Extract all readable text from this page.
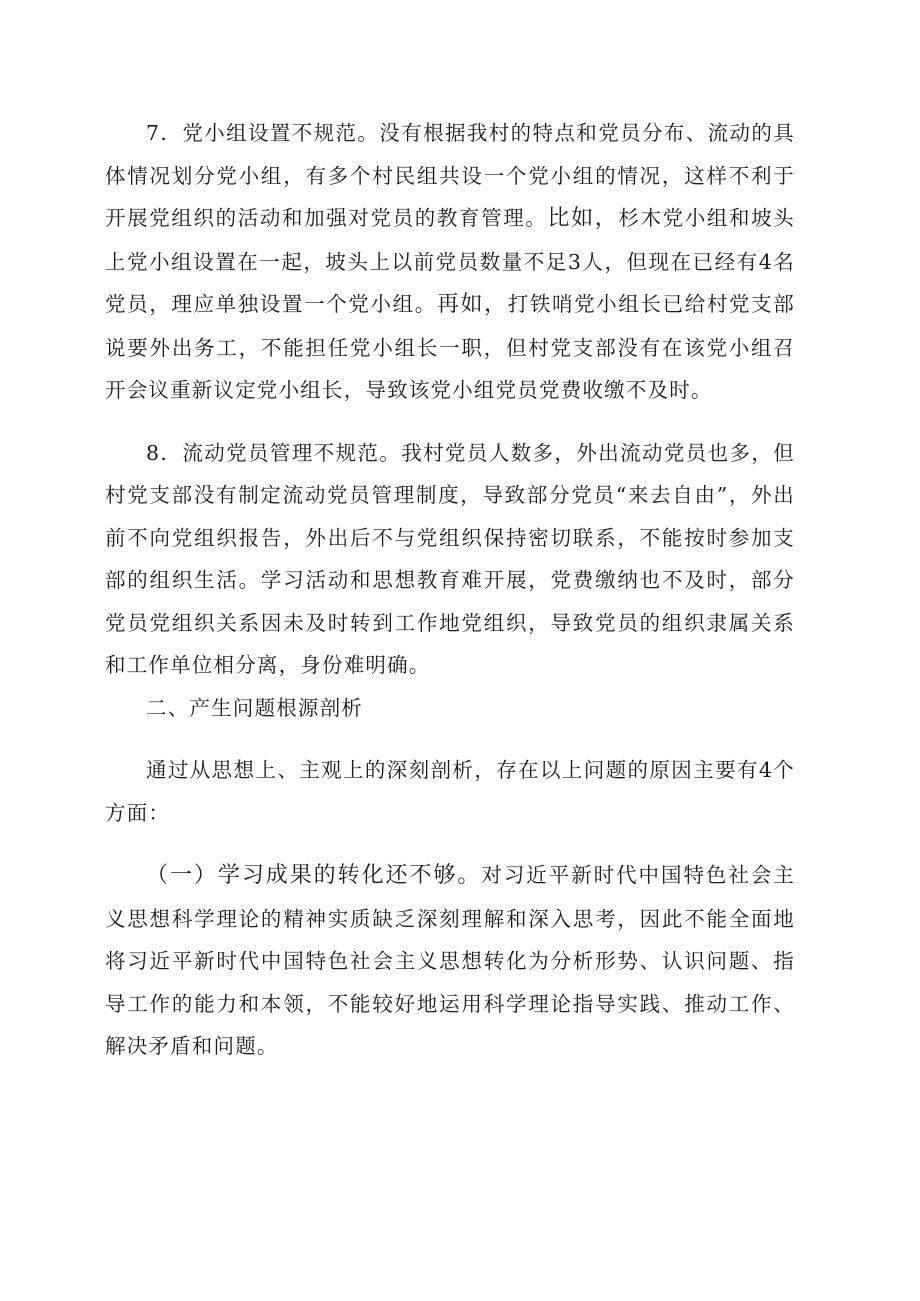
7．党小组设置不规范。没有根据我村的特点和党员分布、流动的具体情况划分党小组，有多个村民组共设一个党小组的情况，这样不利于开展党组织的活动和加强对党员的教育管理。比如，杉木党小组和坡头上党小组设置在一起，坡头上以前党员数量不足3人，但现在已经有4名党员，理应单独设置一个党小组。再如，打铁哨党小组长已给村党支部说要外出务工，不能担任党小组长一职，但村党支部没有在该党小组召开会议重新议定党小组长，导致该党小组党员党费收缴不及时。

8．流动党员管理不规范。我村党员人数多，外出流动党员也多，但村党支部没有制定流动党员管理制度，导致部分党员“来去自由”，外出前不向党组织报告，外出后不与党组织保持密切联系，不能按时参加支部的组织生活。学习活动和思想教育难开展，党费缴纳也不及时，部分党员党组织关系因未及时转到工作地党组织，导致党员的组织隶属关系和工作单位相分离，身份难明确。

二、产生问题根源剖析

通过从思想上、主观上的深刻剖析，存在以上问题的原因主要有4个方面：

（一）学习成果的转化还不够。对习近平新时代中国特色社会主义思想科学理论的精神实质缺乏深刻理解和深入思考，因此不能全面地将习近平新时代中国特色社会主义思想转化为分析形势、认识问题、指导工作的能力和本领，不能较好地运用科学理论指导实践、推动工作、解决矛盾和问题。
